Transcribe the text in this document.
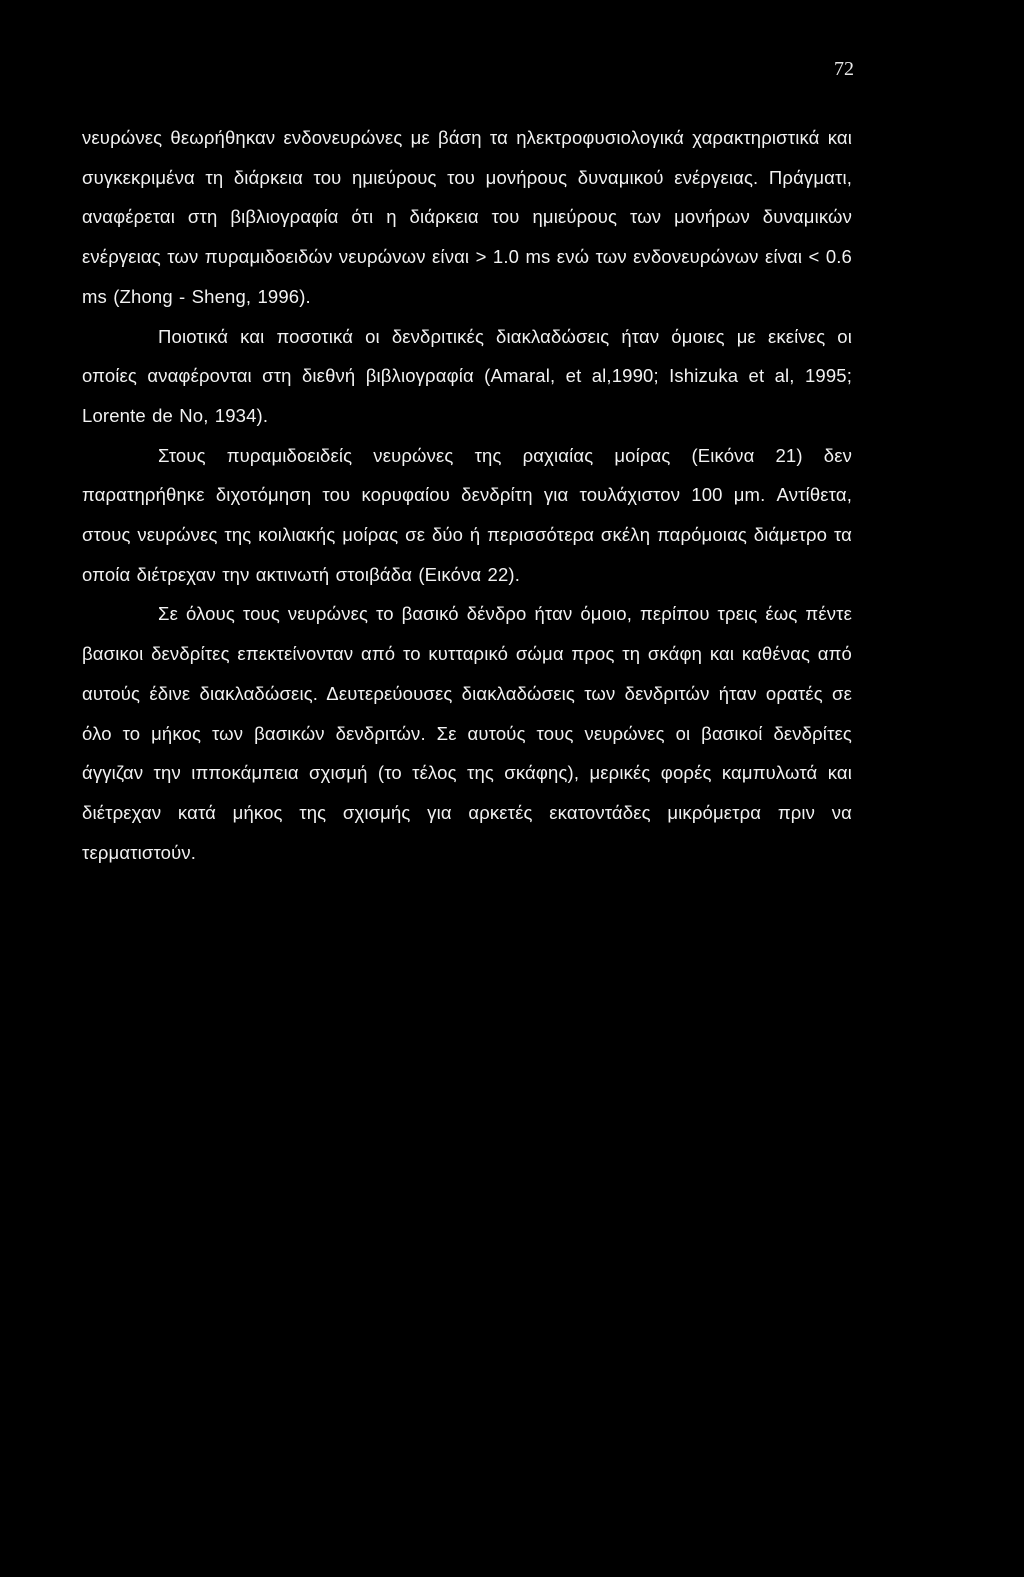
72

νευρώνες θεωρήθηκαν ενδονευρώνες με βάση τα ηλεκτροφυσιολογικά χαρακτηριστικά και συγκεκριμένα τη διάρκεια του ημιεύρους του μονήρους δυναμικού ενέργειας. Πράγματι, αναφέρεται στη βιβλιογραφία ότι η διάρκεια του ημιεύρους των μονήρων δυναμικών ενέργειας των πυραμιδοειδών νευρώνων είναι > 1.0 ms ενώ των ενδονευρώνων είναι < 0.6 ms (Zhong - Sheng, 1996).

Ποιοτικά και ποσοτικά οι δενδριτικές διακλαδώσεις ήταν όμοιες με εκείνες οι οποίες αναφέρονται στη διεθνή βιβλιογραφία (Amaral, et al,1990; Ishizuka et al, 1995; Lorente de No, 1934).

Στους πυραμιδοειδείς νευρώνες της ραχιαίας μοίρας (Εικόνα 21) δεν παρατηρήθηκε διχοτόμηση του κορυφαίου δενδρίτη για τουλάχιστον 100 μm. Αντίθετα, στους νευρώνες της κοιλιακής μοίρας σε δύο ή περισσότερα σκέλη παρόμοιας διάμετρο τα οποία διέτρεχαν την ακτινωτή στοιβάδα (Εικόνα 22).

Σε όλους τους νευρώνες το βασικό δένδρο ήταν όμοιο, περίπου τρεις έως πέντε βασικοι δενδρίτες επεκτείνονταν από το κυτταρικό σώμα προς τη σκάφη και καθένας από αυτούς έδινε διακλαδώσεις. Δευτερεύουσες διακλαδώσεις των δενδριτών ήταν ορατές σε όλο το μήκος των βασικών δενδριτών. Σε αυτούς τους νευρώνες οι βασικοί δενδρίτες άγγιζαν την ιπποκάμπεια σχισμή (το τέλος της σκάφης), μερικές φορές καμπυλωτά και διέτρεχαν κατά μήκος της σχισμής για αρκετές εκατοντάδες μικρόμετρα πριν να τερματιστούν.
